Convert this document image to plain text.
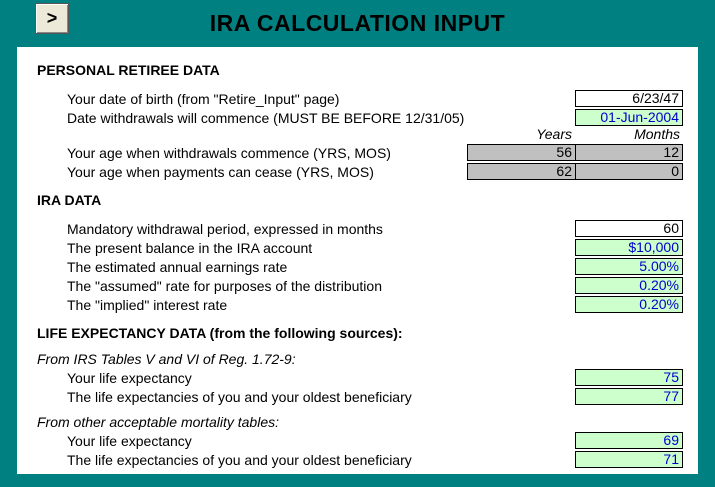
>	IRA CALCULATION INPUT
PERSONAL RETIREE DATA
Your date of birth (from "Retire_Input" page)	6/23/47
Date withdrawals will commence (MUST BE BEFORE 12/31/05)	01-Jun-2004
Years	Months
Your age when withdrawals commence (YRS, MOS)	56	12
Your age when payments can cease (YRS, MOS)	62	0
IRA DATA
Mandatory withdrawal period, expressed in months	60
The present balance in the IRA account	$10,000
The estimated annual earnings rate	5.00%
The "assumed" rate for purposes of the distribution	0.20%
The "implied" interest rate	0.20%
LIFE EXPECTANCY DATA (from the following sources):
From IRS Tables V and VI of Reg. 1.72-9:
Your life expectancy	75
The life expectancies of you and your oldest beneficiary	77
From other acceptable mortality tables:
Your life expectancy	69
The life expectancies of you and your oldest beneficiary	71
